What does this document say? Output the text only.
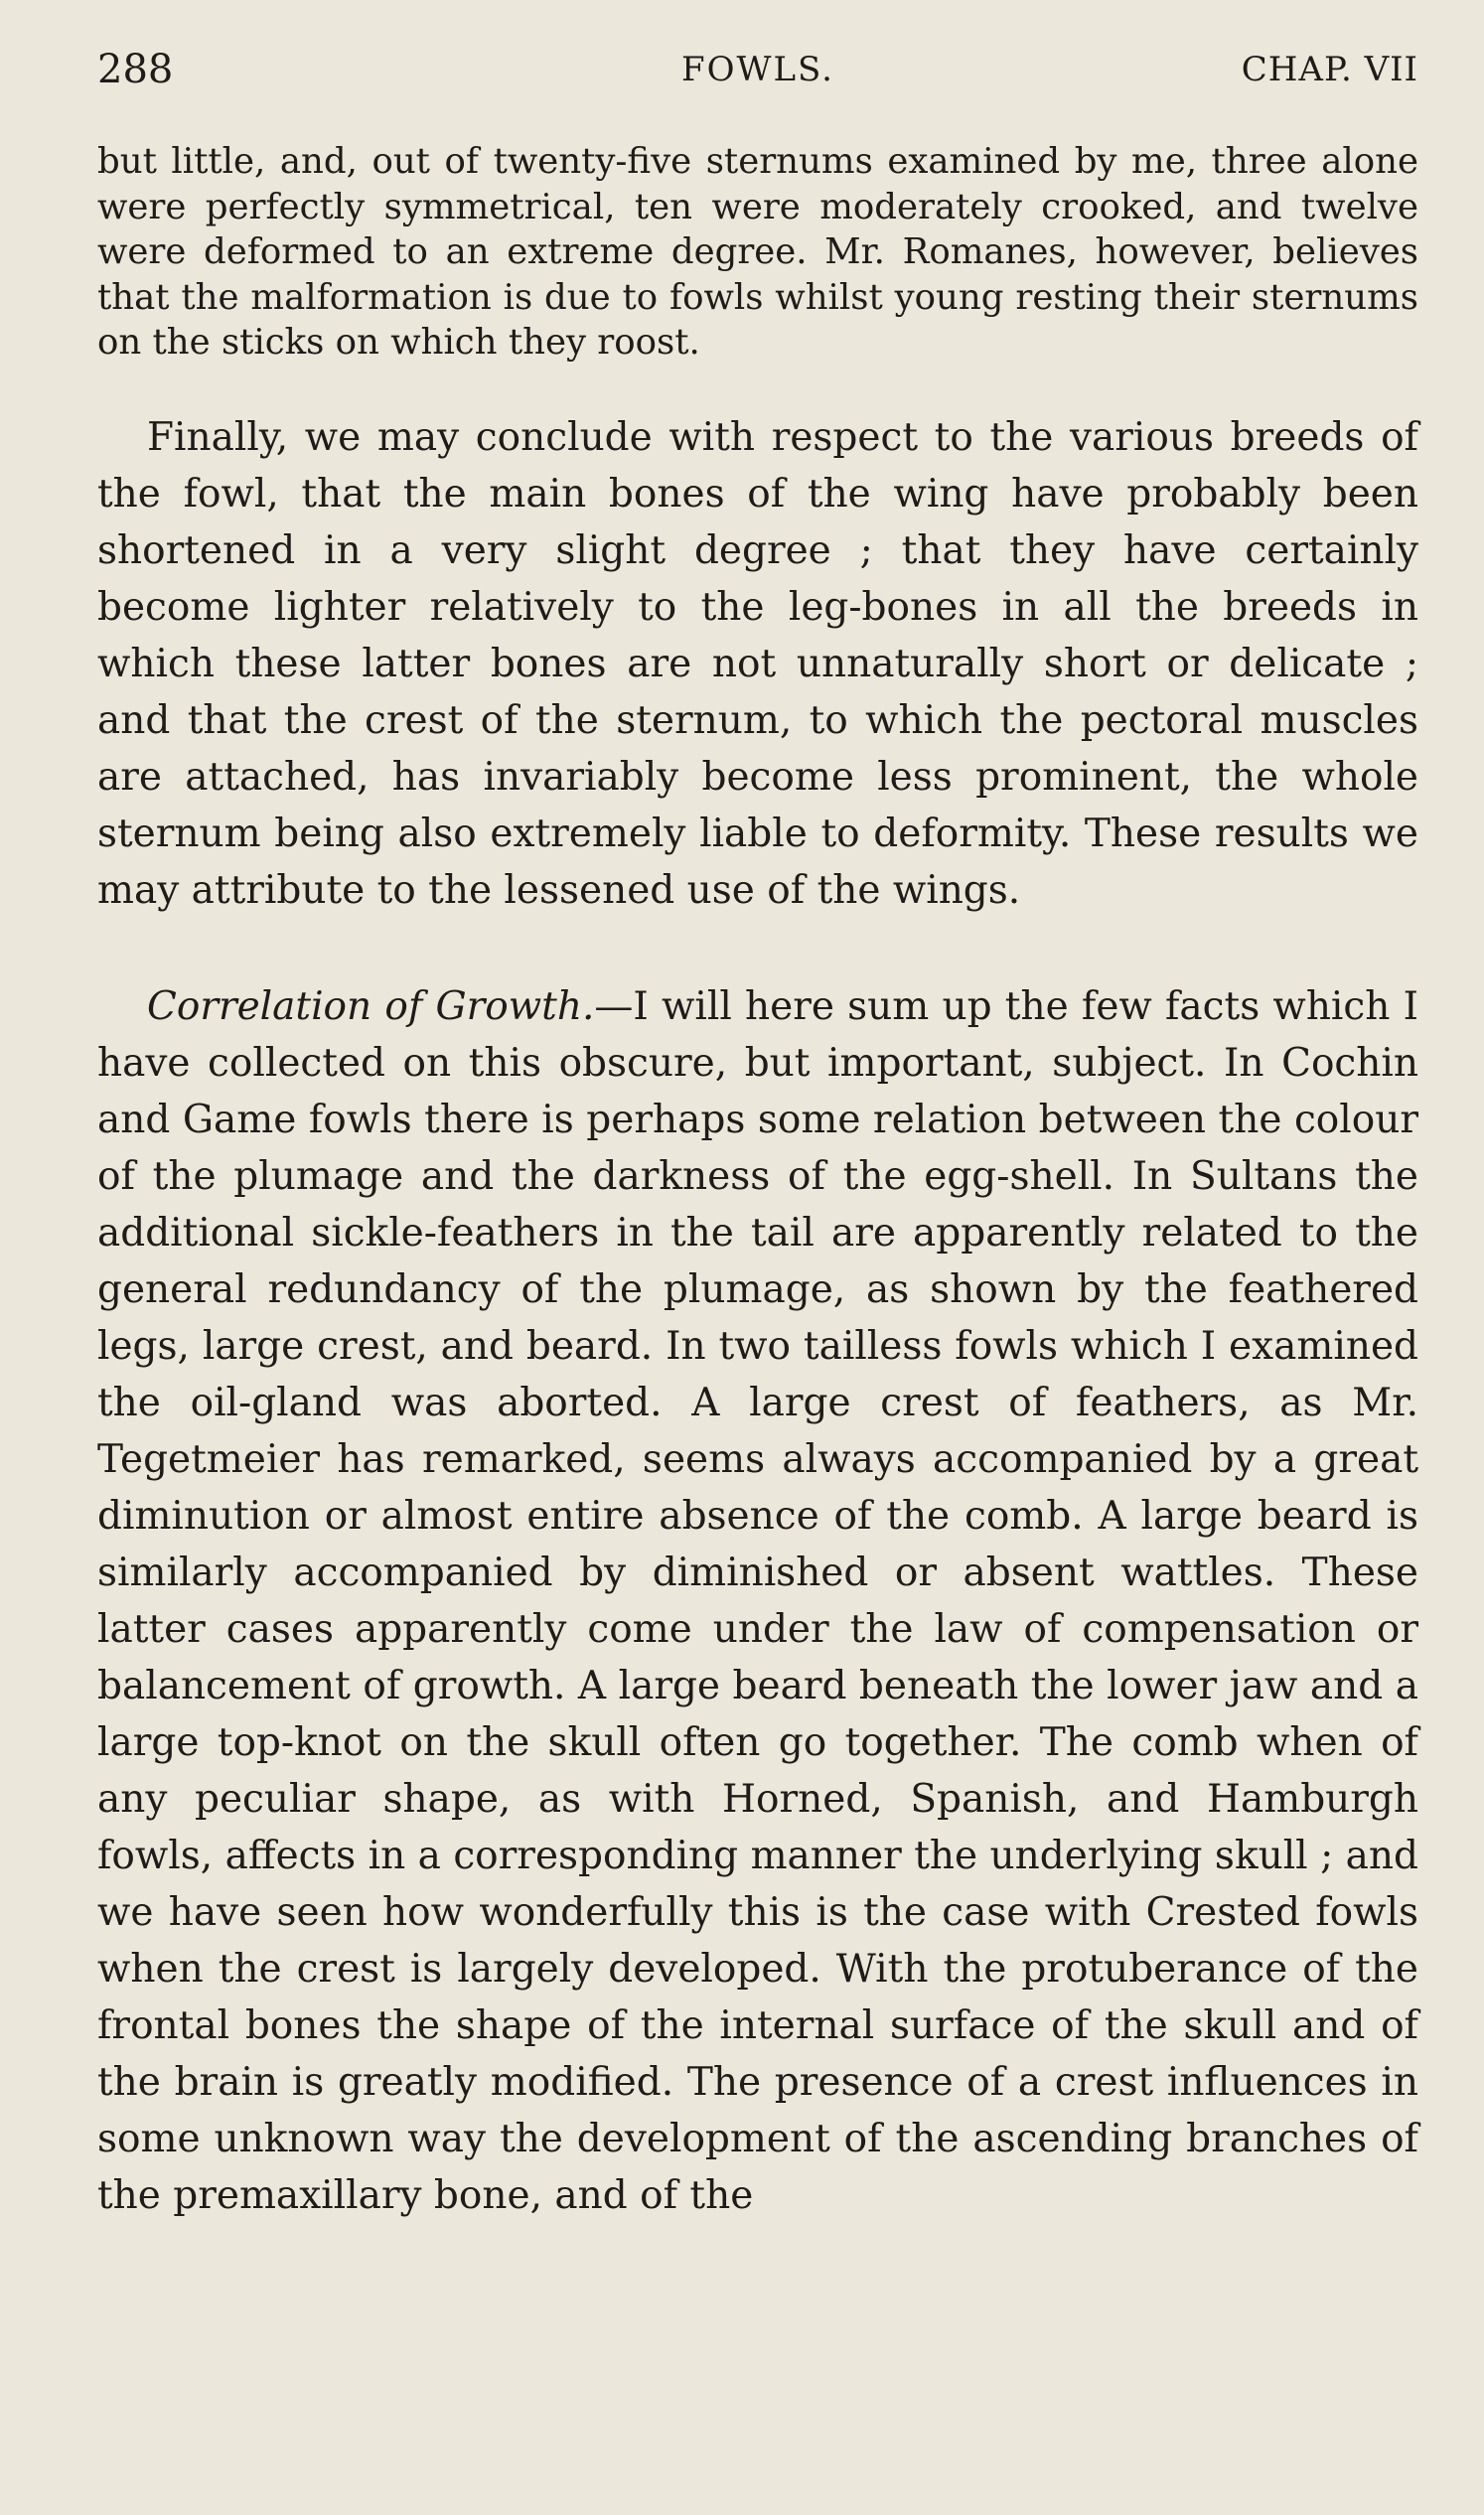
288	FOWLS.	CHAP. VII

but little, and, out of twenty-five sternums examined by me, three alone were perfectly symmetrical, ten were moderately crooked, and twelve were deformed to an extreme degree. Mr. Romanes, however, believes that the malformation is due to fowls whilst young resting their sternums on the sticks on which they roost.

Finally, we may conclude with respect to the various breeds of the fowl, that the main bones of the wing have probably been shortened in a very slight degree ; that they have certainly become lighter relatively to the leg-bones in all the breeds in which these latter bones are not unnaturally short or delicate ; and that the crest of the sternum, to which the pectoral muscles are attached, has invariably become less prominent, the whole sternum being also extremely liable to deformity. These results we may attribute to the lessened use of the wings.

Correlation of Growth.—I will here sum up the few facts which I have collected on this obscure, but important, subject. In Cochin and Game fowls there is perhaps some relation between the colour of the plumage and the darkness of the egg-shell. In Sultans the additional sickle-feathers in the tail are apparently related to the general redundancy of the plumage, as shown by the feathered legs, large crest, and beard. In two tailless fowls which I examined the oil-gland was aborted. A large crest of feathers, as Mr. Tegetmeier has remarked, seems always accompanied by a great diminution or almost entire absence of the comb. A large beard is similarly accompanied by diminished or absent wattles. These latter cases apparently come under the law of compensation or balancement of growth. A large beard beneath the lower jaw and a large top-knot on the skull often go together. The comb when of any peculiar shape, as with Horned, Spanish, and Hamburgh fowls, affects in a corresponding manner the underlying skull ; and we have seen how wonderfully this is the case with Crested fowls when the crest is largely developed. With the protuberance of the frontal bones the shape of the internal surface of the skull and of the brain is greatly modified. The presence of a crest influences in some unknown way the development of the ascending branches of the premaxillary bone, and of the
